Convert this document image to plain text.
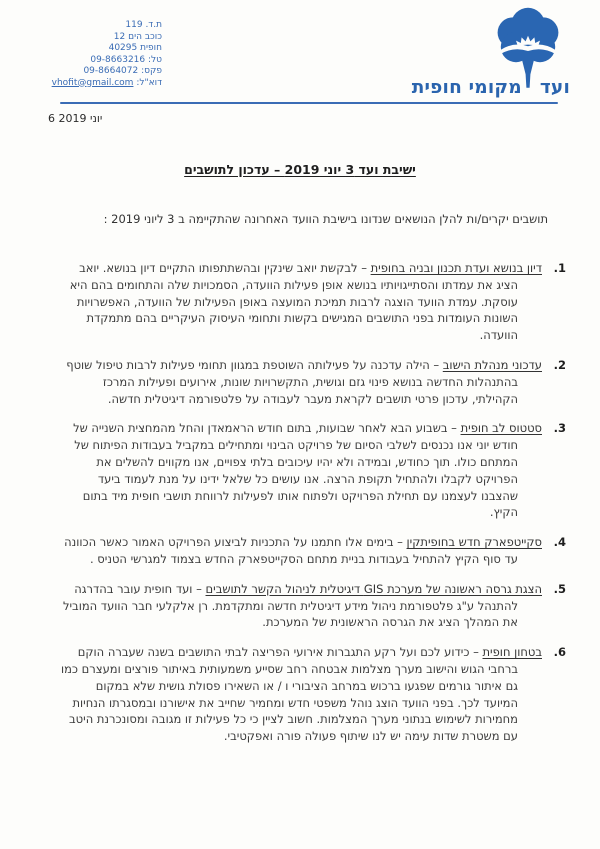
ת.ד. 119
כוכב הים 12
חופית 40295
טל: 09-8663216
פקס: 09-8664072
דוא"ל: vhofit@gmail.com	ועד
מקומי חופית
6 יוני 2019
ישיבת ועד 3 יוני 2019 – עדכון לתושבים
תושבים יקרים/ות להלן הנושאים שנדונו בישיבת הוועד האחרונה שהתקיימה ב 3 ליוני 2019 :
1.
דיון בנושא ועדת תכנון ובניה בחופית – לבקשת יואב שינקין ובהשתתפותו התקיים דיון בנושא. יואב הציג את עמדתו והסתייגויותיו בנושא אופן פעילות הוועדה, הסמכויות שלה והתחומים בהם היא עוסקת. עמדת הוועד הוצגה לרבות תמיכת המועצה באופן הפעילות של הוועדה, האפשרויות השונות העומדות בפני התושבים המגישים בקשות ותחומי העיסוק העיקריים בהם מתמקדת הוועדה.
2.
עדכוני מנהלת הישוב – הילה עדכנה על פעילותה השוטפת במגוון תחומי פעילות לרבות טיפול שוטף בהתנהלות החדשה בנושא פינוי גזם וגושית, התקשרויות שונות, אירועים ופעילות המרכז הקהילתי, עדכון פרטי תושבים לקראת מעבר לעבודה על פלטפורמה דיגיטלית חדשה.
3.
סטטוס לב חופית – בשבוע הבא לאחר שבועות, בתום חודש הראמאדן והחל מהמחצית השנייה של חודש יוני אנו נכנסים לשלבי הסיום של פרויקט הבינוי ומתחילים במקביל בעבודות הפיתוח של המתחם כולו. תוך כחודש, ובמידה ולא יהיו עיכובים בלתי צפויים, אנו מקווים להשלים את הפרויקט לקבלו ולהתחיל תקופת הרצה. אנו עושים כל שלאל ידינו על מנת לעמוד ביעד שהצבנו לעצמנו עם תחילת הפרויקט ולפתוח אותו לפעילות לרווחת תושבי חופית מיד בתום הקיץ.
4.
סקייטפארק חדש בחופיתקין – בימים אלו חתמנו על התכניות לביצוע הפרויקט האמור כאשר הכוונה עד סוף הקיץ להתחיל בעבודות בניית מתחם הסקייטפארק החדש בצמוד למגרשי הטניס .
5.
הצגת גרסה ראשונה של מערכת GIS דיגיטלית לניהול הקשר לתושבים – ועד חופית עובר בהדרגה להתנהל ע"ג פלטפורמת ניהול מידע דיגיטלית חדשה ומתקדמת. רן אלקלעי חבר הוועד המוביל את המהלך הציג את הגרסה הראשונית של המערכת.
6.
בטחון חופית – כידוע לכם ועל רקע התגברות אירועי הפריצה לבתי התושבים בשנה שעברה הוקם ברחבי הגוש והישוב מערך מצלמות אבטחה רחב שסייע משמעותית באיתור פורצים ומעצרם כמו גם איתור גורמים שפגעו ברכוש במרחב הציבורי ו / או השאירו פסולת גושית שלא במקום המיועד לכך. בפני הוועד הוצג נוהל משפטי חדש ומחמיר שחייב את אישורנו ובמסגרתו הנחיות מחמירות לשימוש בנתוני מערך המצלמות. חשוב לציין כי כל פעילות זו מגובה ומסונכרנת היטב עם משטרת שדות עימה יש לנו שיתוף פעולה פורה ואפקטיבי.
